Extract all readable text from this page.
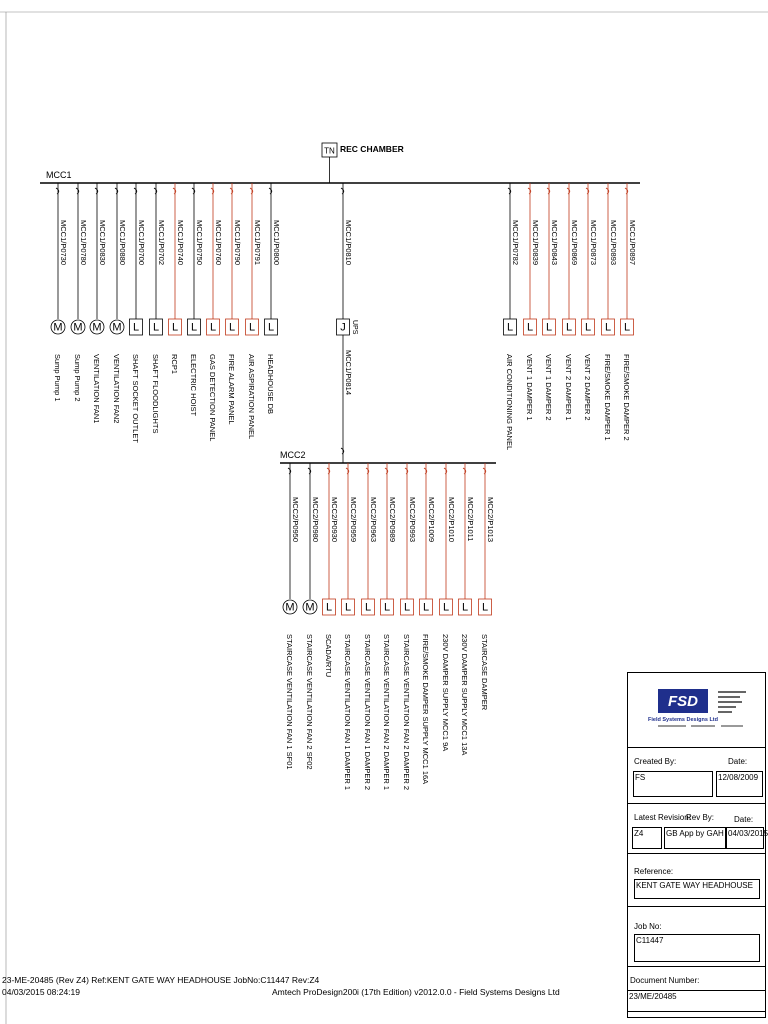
TN REC CHAMBER
MCC1
MCC2
MCC1/P0730
M
Sump Pump 1
MCC1/P0780
M
Sump Pump 2
MCC1/P0830
M
VENTILATION FAN1
MCC1/P0880
M
VENTILATION FAN2
MCC1/P0700
L
SHAFT SOCKET OUTLET
MCC1/P0702
L
SHAFT FLOODLIGHTS
MCC1/P0740
L
RCP1
MCC1/P0750
L
ELECTRIC HOIST
MCC1/P0760
L
GAS DETECTION PANEL
MCC1/P0790
L
FIRE ALARM PANEL
MCC1/P0791
L
AIR ASPIRATION PANEL
MCC1/P0800
L
HEADHOUSE DB
MCC1/P0810
J UPS
MCC1/P0814
MCC1/P0782
L
AIR CONDITIONING PANEL
MCC1/P0839
L
VENT 1 DAMPER 1
MCC1/P0843
L
VENT 1 DAMPER 2
MCC1/P0869
L
VENT 2 DAMPER 1
MCC1/P0873
L
VENT 2 DAMPER 2
MCC1/P0893
L
FIRE/SMOKE DAMPER 1
MCC1/P0897
L
FIRE/SMOKE DAMPER 2
MCC2/P0950
M
STAIRCASE VENTILATION FAN 1 SF01
MCC2/P0980
M
STAIRCASE VENTILATION FAN 2 SF02
MCC2/P0930
L
SCADA/RTU
MCC2/P0959
L
STAIRCASE VENTILATION FAN 1 DAMPER 1
MCC2/P0963
L
STAIRCASE VENTILATION FAN 1 DAMPER 2
MCC2/P0989
L
STAIRCASE VENTILATION FAN 2 DAMPER 1
MCC2/P0993
L
STAIRCASE VENTILATION FAN 2 DAMPER 2
MCC2/P1009
L
FIRE/SMOKE DAMPER SUPPLY MCC1 16A
MCC2/P1010
L
230V DAMPER SUPPLY MCC1 9A
MCC2/P1011
L
230V DAMPER SUPPLY MCC1 13A
MCC2/P1013
L
STAIRCASE DAMPER
23-ME-20485 (Rev Z4) Ref:KENT GATE WAY HEADHOUSE JobNo:C11447 Rev:Z4
04/03/2015 08:24:19	Amtech ProDesign200i (17th Edition) v2012.0.0 - Field Systems Designs Ltd
FSD
Field Systems Designs Ltd
Created By:	Date:
FS	12/08/2009
Latest Revision:
Rev By: Date:
Z4	GB App by GAH 04/03/2015
Reference:
KENT GATE WAY HEADHOUSE
Job No:
C11447
Document Number:
23/ME/20485
